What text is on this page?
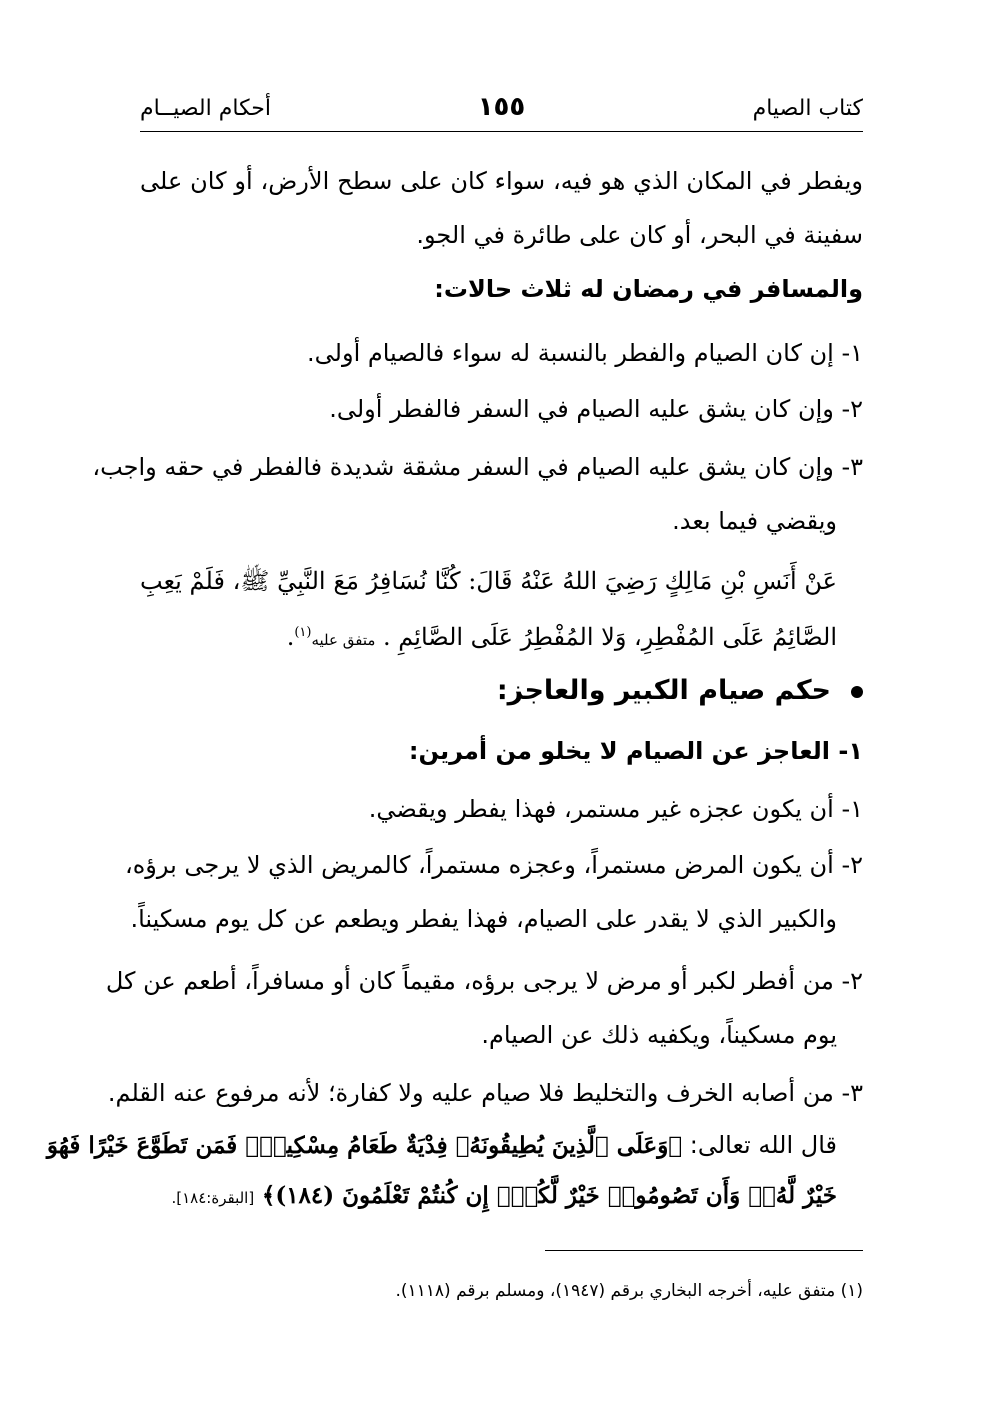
كتاب الصيام
١٥٥
أحكام الصيــام
ويفطر في المكان الذي هو فيه، سواء كان على سطح الأرض، أو كان على
سفينة في البحر، أو كان على طائرة في الجو.
والمسافر في رمضان له ثلاث حالات:
١- إن كان الصيام والفطر بالنسبة له سواء فالصيام أولى.
٢- وإن كان يشق عليه الصيام في السفر فالفطر أولى.
٣- وإن كان يشق عليه الصيام في السفر مشقة شديدة فالفطر في حقه واجب،
ويقضي فيما بعد.
عَنْ أَنَسِ بْنِ مَالِكٍ رَضِيَ اللهُ عَنْهُ قَالَ: كُنَّا نُسَافِرُ مَعَ النَّبِيِّ ﷺ، فَلَمْ يَعِبِ
الصَّائِمُ عَلَى المُفْطِرِ، وَلا المُفْطِرُ عَلَى الصَّائِمِ . متفق عليه$^{(١)}$.
حكم صيام الكبير والعاجز:
١- العاجز عن الصيام لا يخلو من أمرين:
١- أن يكون عجزه غير مستمر، فهذا يفطر ويقضي.
٢- أن يكون المرض مستمراً، وعجزه مستمراً، كالمريض الذي لا يرجى برؤه،
والكبير الذي لا يقدر على الصيام، فهذا يفطر ويطعم عن كل يوم مسكيناً.
٢- من أفطر لكبر أو مرض لا يرجى برؤه، مقيماً كان أو مسافراً، أطعم عن كل
يوم مسكيناً، ويكفيه ذلك عن الصيام.
٣- من أصابه الخرف والتخليط فلا صيام عليه ولا كفارة؛ لأنه مرفوع عنه القلم.
قال الله تعالى: ﴿وَعَلَى ٱلَّذِينَ يُطِيقُونَهُۥ فِدْيَةٌ طَعَامُ مِسْكِينٍۖ فَمَن تَطَوَّعَ خَيْرًا فَهُوَ
خَيْرٌ لَّهُۥۚ وَأَن تَصُومُوا۟ خَيْرٌ لَّكُمْۖ إِن كُنتُمْ تَعْلَمُونَ (١٨٤)﴾ [البقرة:١٨٤].
(١) متفق عليه، أخرجه البخاري برقم (١٩٤٧)، ومسلم برقم (١١١٨).
